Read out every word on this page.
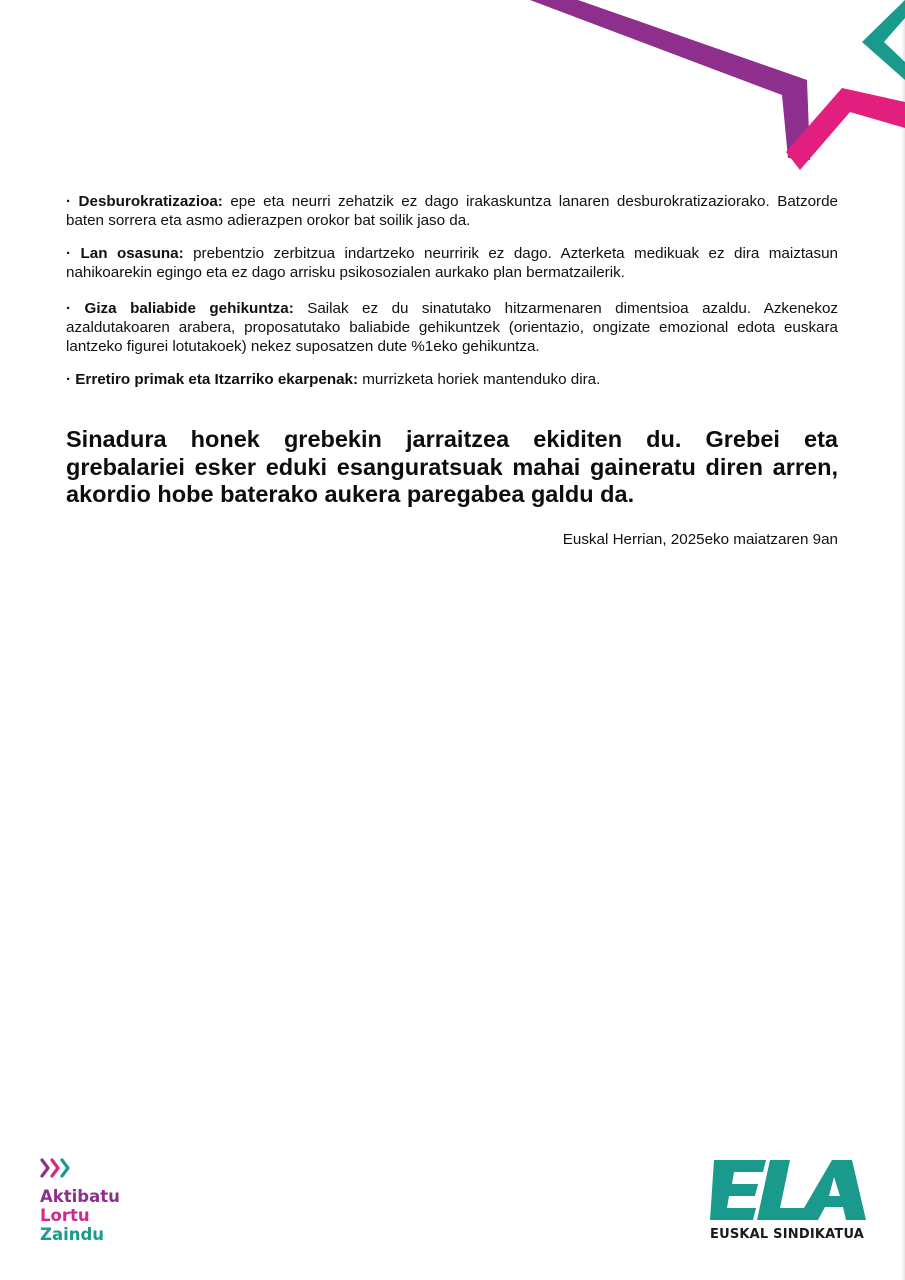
· Desburokratizazioa: epe eta neurri zehatzik ez dago irakaskuntza lanaren desburokratizaziorako. Batzorde baten sorrera eta asmo adierazpen orokor bat soilik jaso da.

· Lan osasuna: prebentzio zerbitzua indartzeko neurririk ez dago. Azterketa medikuak ez dira maiztasun nahikoarekin egingo eta ez dago arrisku psikosozialen aurkako plan bermatzailerik.

· Giza baliabide gehikuntza: Sailak ez du sinatutako hitzarmenaren dimentsioa azaldu. Azkenekoz azaldutakoaren arabera, proposatutako baliabide gehikuntzek (orientazio, ongizate emozional edota euskara lantzeko figurei lotutakoek) nekez suposatzen dute %1eko gehikuntza.

· Erretiro primak eta Itzarriko ekarpenak: murrizketa horiek mantenduko dira.

Sinadura honek grebekin jarraitzea ekiditen du. Grebei eta grebalariei esker eduki esanguratsuak mahai gaineratu diren arren, akordio hobe baterako aukera paregabea galdu da.

Euskal Herrian, 2025eko maiatzaren 9an

Aktibatu
Lortu
Zaindu	EUSKAL SINDIKATUA
